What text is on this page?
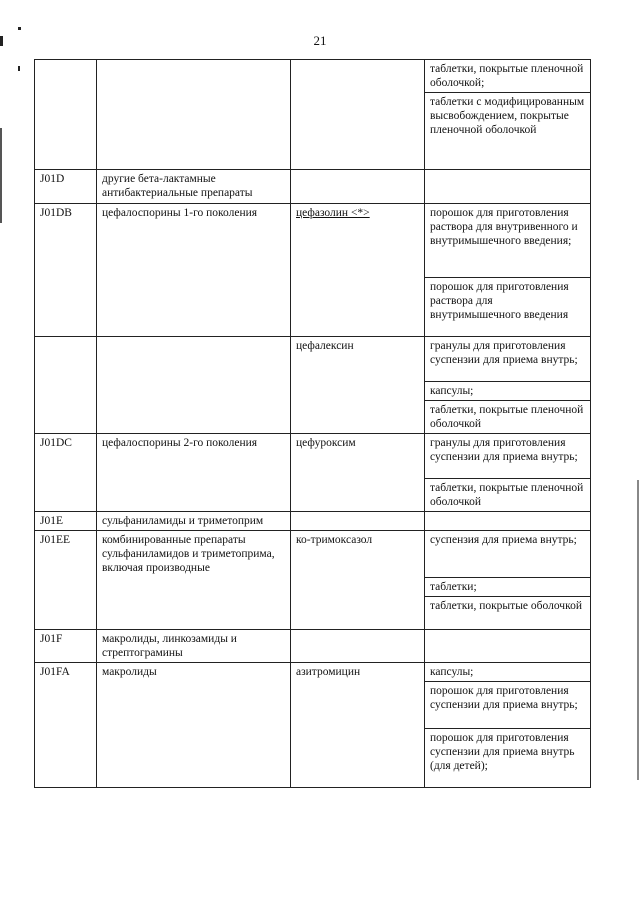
21
			таблетки, покрытые пленочной оболочкой;
			таблетки с модифицированным высвобождением, покрытые пленочной оболочкой
J01D	другие бета-лактамные антибактериальные препараты		
J01DB	цефалоспорины 1-го поколения	цефазолин <*>	порошок для приготовления раствора для внутривенного и внутримышечного введения;
			порошок для приготовления раствора для внутримышечного введения
		цефалексин	гранулы для приготовления суспензии для приема внутрь;
			капсулы;
			таблетки, покрытые пленочной оболочкой
J01DC	цефалоспорины 2-го поколения	цефуроксим	гранулы для приготовления суспензии для приема внутрь;
			таблетки, покрытые пленочной оболочкой
J01E	сульфаниламиды и триметоприм		
J01EE	комбинированные препараты сульфаниламидов и триметоприма, включая производные	ко-тримоксазол	суспензия для приема внутрь;
			таблетки;
			таблетки, покрытые оболочкой
J01F	макролиды, линкозамиды и стрептограмины		
J01FA	макролиды	азитромицин	капсулы;
			порошок для приготовления суспензии для приема внутрь;
			порошок для приготовления суспензии для приема внутрь (для детей);
